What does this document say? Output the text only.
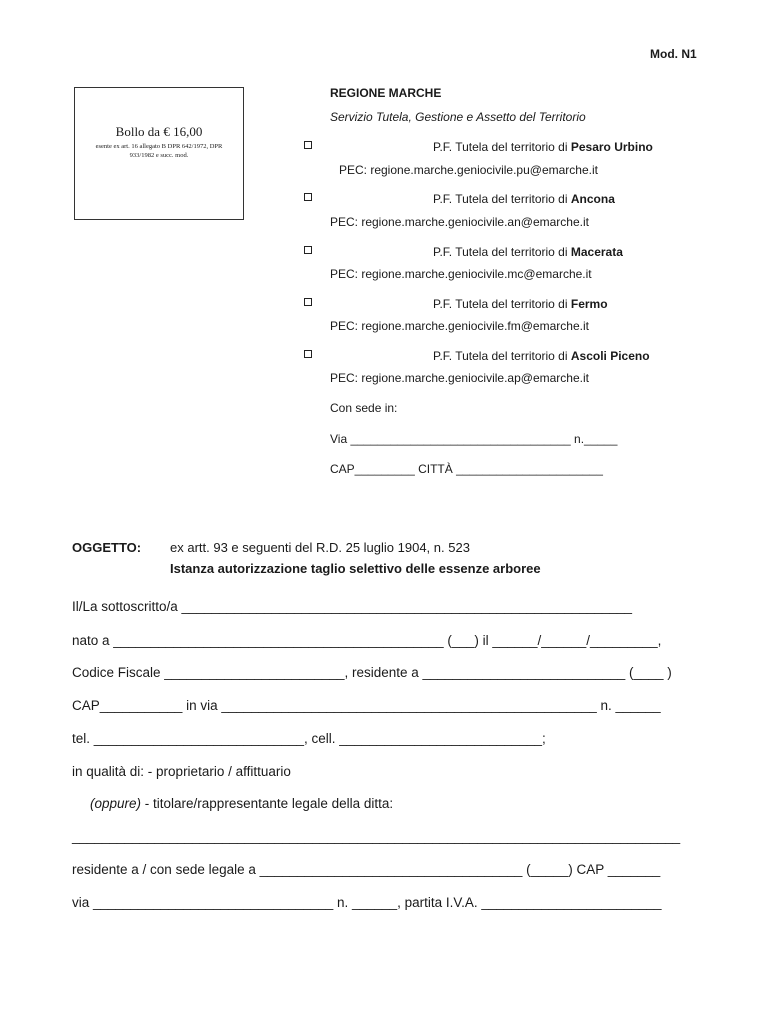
Mod. N1
Bollo da € 16,00
esente ex art. 16 allegato B DPR 642/1972, DPR 933/1982 e succ. mod.
REGIONE MARCHE
Servizio Tutela, Gestione e Assetto del Territorio
P.F. Tutela del territorio di Pesaro Urbino
PEC: regione.marche.geniocivile.pu@emarche.it
P.F. Tutela del territorio di Ancona
PEC: regione.marche.geniocivile.an@emarche.it
P.F. Tutela del territorio di Macerata
PEC: regione.marche.geniocivile.mc@emarche.it
P.F. Tutela del territorio di Fermo
PEC: regione.marche.geniocivile.fm@emarche.it
P.F. Tutela del territorio di Ascoli Piceno
PEC: regione.marche.geniocivile.ap@emarche.it
Con sede in:
Via _________________________________ n._____
CAP_________ CITTÀ ______________________
OGGETTO: ex artt. 93 e seguenti del R.D. 25 luglio 1904, n. 523
Istanza autorizzazione taglio selettivo delle essenze arboree
Il/La sottoscritto/a ____________________________________________________________
nato a ____________________________________________ (___) il ______/______/_________,
Codice Fiscale ________________________, residente a ___________________________ (____ )
CAP___________ in via __________________________________________________ n. ______
tel. ____________________________, cell. ___________________________;
in qualità di: - proprietario / affittuario
(oppure) - titolare/rappresentante legale della ditta:
_________________________________________________________________________________
residente a / con sede legale a ___________________________________ (_____) CAP _______
via ________________________________ n. ______, partita I.V.A. ________________________
